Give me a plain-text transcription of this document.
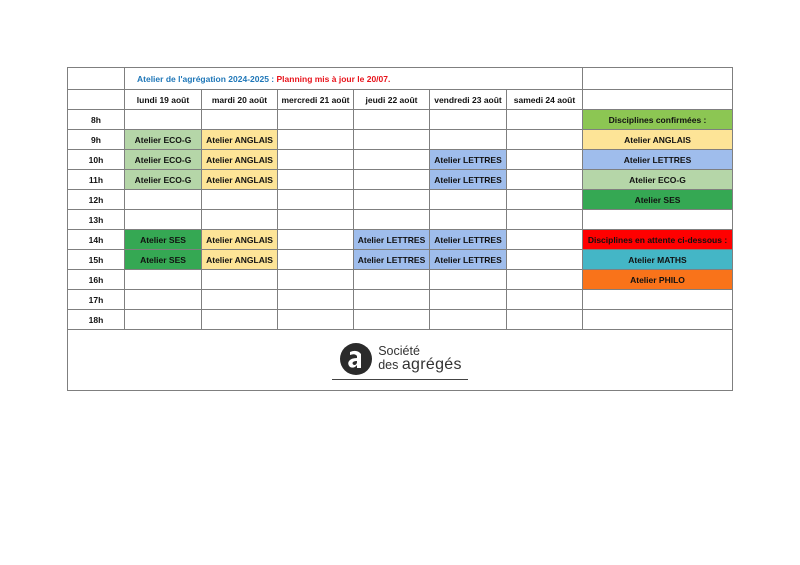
	Atelier de l'agrégation 2024-2025 : Planning mis à jour le 20/07.						
	lundi 19 août	mardi 20 août	mercredi 21 août	jeudi 22 août	vendredi 23 août	samedi 24 août	
8h							Disciplines confirmées :
9h	Atelier ECO-G	Atelier ANGLAIS					Atelier ANGLAIS
10h	Atelier ECO-G	Atelier ANGLAIS			Atelier LETTRES		Atelier LETTRES
11h	Atelier ECO-G	Atelier ANGLAIS			Atelier LETTRES		Atelier ECO-G
12h							Atelier SES
13h							
14h	Atelier SES	Atelier ANGLAIS		Atelier LETTRES	Atelier LETTRES		Disciplines en attente ci-dessous :
15h	Atelier SES	Atelier ANGLAIS		Atelier LETTRES	Atelier LETTRES		Atelier MATHS
16h							Atelier PHILO
17h							
18h							

Société
des agrégés							
